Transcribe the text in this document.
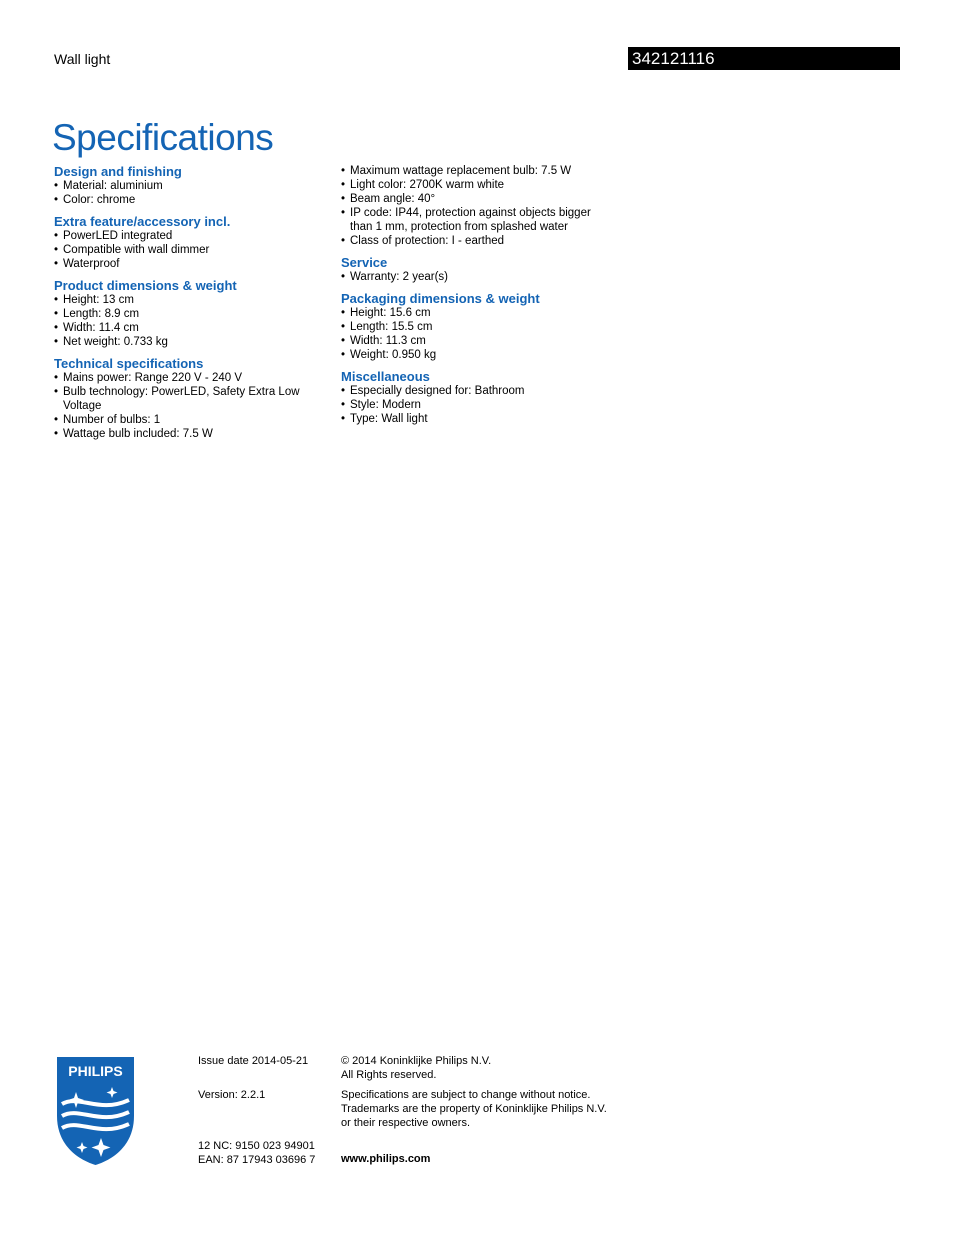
Wall light	342121116
Specifications
Design and finishing
• Material: aluminium
• Color: chrome
Extra feature/accessory incl.
• PowerLED integrated
• Compatible with wall dimmer
• Waterproof
Product dimensions & weight
• Height: 13 cm
• Length: 8.9 cm
• Width: 11.4 cm
• Net weight: 0.733 kg
Technical specifications
• Mains power: Range 220 V - 240 V
• Bulb technology: PowerLED, Safety Extra Low Voltage
• Number of bulbs: 1
• Wattage bulb included: 7.5 W
• Maximum wattage replacement bulb: 7.5 W
• Light color: 2700K warm white
• Beam angle: 40°
• IP code: IP44, protection against objects bigger than 1 mm, protection from splashed water
• Class of protection: I - earthed
Service
• Warranty: 2 year(s)
Packaging dimensions & weight
• Height: 15.6 cm
• Length: 15.5 cm
• Width: 11.3 cm
• Weight: 0.950 kg
Miscellaneous
• Especially designed for: Bathroom
• Style: Modern
• Type: Wall light
PHILIPS
Issue date 2014-05-21
Version: 2.2.1
12 NC: 9150 023 94901
EAN: 87 17943 03696 7
© 2014 Koninklijke Philips N.V.
All Rights reserved.
Specifications are subject to change without notice.
Trademarks are the property of Koninklijke Philips N.V.
or their respective owners.
www.philips.com
